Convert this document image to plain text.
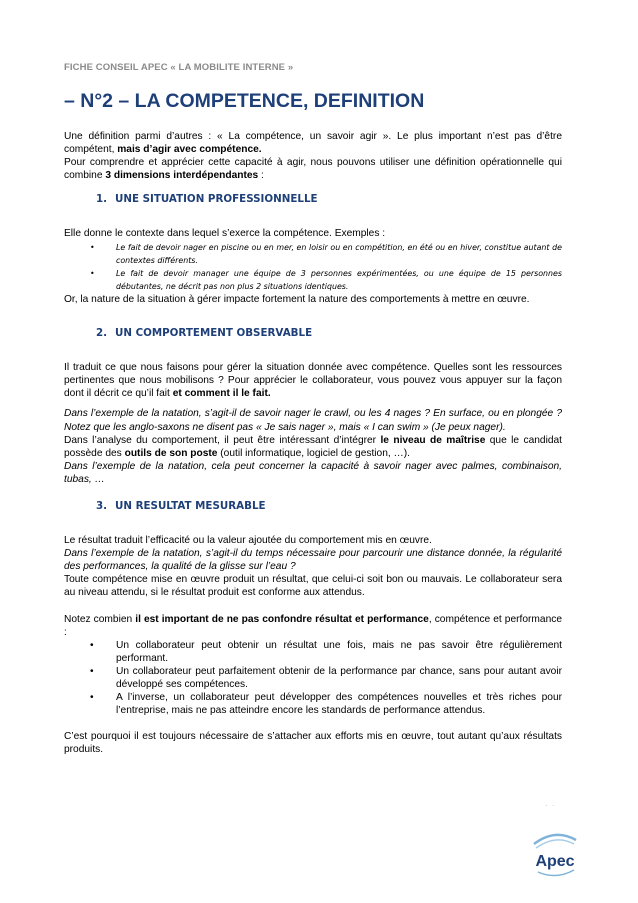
FICHE CONSEIL APEC « LA MOBILITE INTERNE »
– N°2 – LA COMPETENCE, DEFINITION

Une définition parmi d’autres : « La compétence, un savoir agir ». Le plus important n’est pas d’être compétent, mais d’agir avec compétence.

Pour comprendre et apprécier cette capacité à agir, nous pouvons utiliser une définition opérationnelle qui combine 3 dimensions interdépendantes :

1. UNE SITUATION PROFESSIONNELLE

Elle donne le contexte dans lequel s’exerce la compétence. Exemples :

• Le fait de devoir nager en piscine ou en mer, en loisir ou en compétition, en été ou en hiver, constitue autant de contextes différents.
• Le fait de devoir manager une équipe de 3 personnes expérimentées, ou une équipe de 15 personnes débutantes, ne décrit pas non plus 2 situations identiques.

Or, la nature de la situation à gérer impacte fortement la nature des comportements à mettre en œuvre.

2. UN COMPORTEMENT OBSERVABLE

Il traduit ce que nous faisons pour gérer la situation donnée avec compétence. Quelles sont les ressources pertinentes que nous mobilisons ? Pour apprécier le collaborateur, vous pouvez vous appuyer sur la façon dont il décrit ce qu’il fait et comment il le fait.

Dans l’exemple de la natation, s’agit-il de savoir nager le crawl, ou les 4 nages ? En surface, ou en plongée ? Notez que les anglo-saxons ne disent pas « Je sais nager », mais « I can swim » (Je peux nager).

Dans l’analyse du comportement, il peut être intéressant d’intégrer le niveau de maîtrise que le candidat possède des outils de son poste (outil informatique, logiciel de gestion, …).

Dans l’exemple de la natation, cela peut concerner la capacité à savoir nager avec palmes, combinaison, tubas, …

3. UN RESULTAT MESURABLE

Le résultat traduit l’efficacité ou la valeur ajoutée du comportement mis en œuvre.

Dans l’exemple de la natation, s’agit-il du temps nécessaire pour parcourir une distance donnée, la régularité des performances, la qualité de la glisse sur l’eau ?

Toute compétence mise en œuvre produit un résultat, que celui-ci soit bon ou mauvais. Le collaborateur sera au niveau attendu, si le résultat produit est conforme aux attendus.

Notez combien il est important de ne pas confondre résultat et performance, compétence et performance :

• Un collaborateur peut obtenir un résultat une fois, mais ne pas savoir être régulièrement performant.
• Un collaborateur peut parfaitement obtenir de la performance par chance, sans pour autant avoir développé ses compétences.
• A l’inverse, un collaborateur peut développer des compétences nouvelles et très riches pour l’entreprise, mais ne pas atteindre encore les standards de performance attendus.

C’est pourquoi il est toujours nécessaire de s’attacher aux efforts mis en œuvre, tout autant qu’aux résultats produits.

· ·
Apec
